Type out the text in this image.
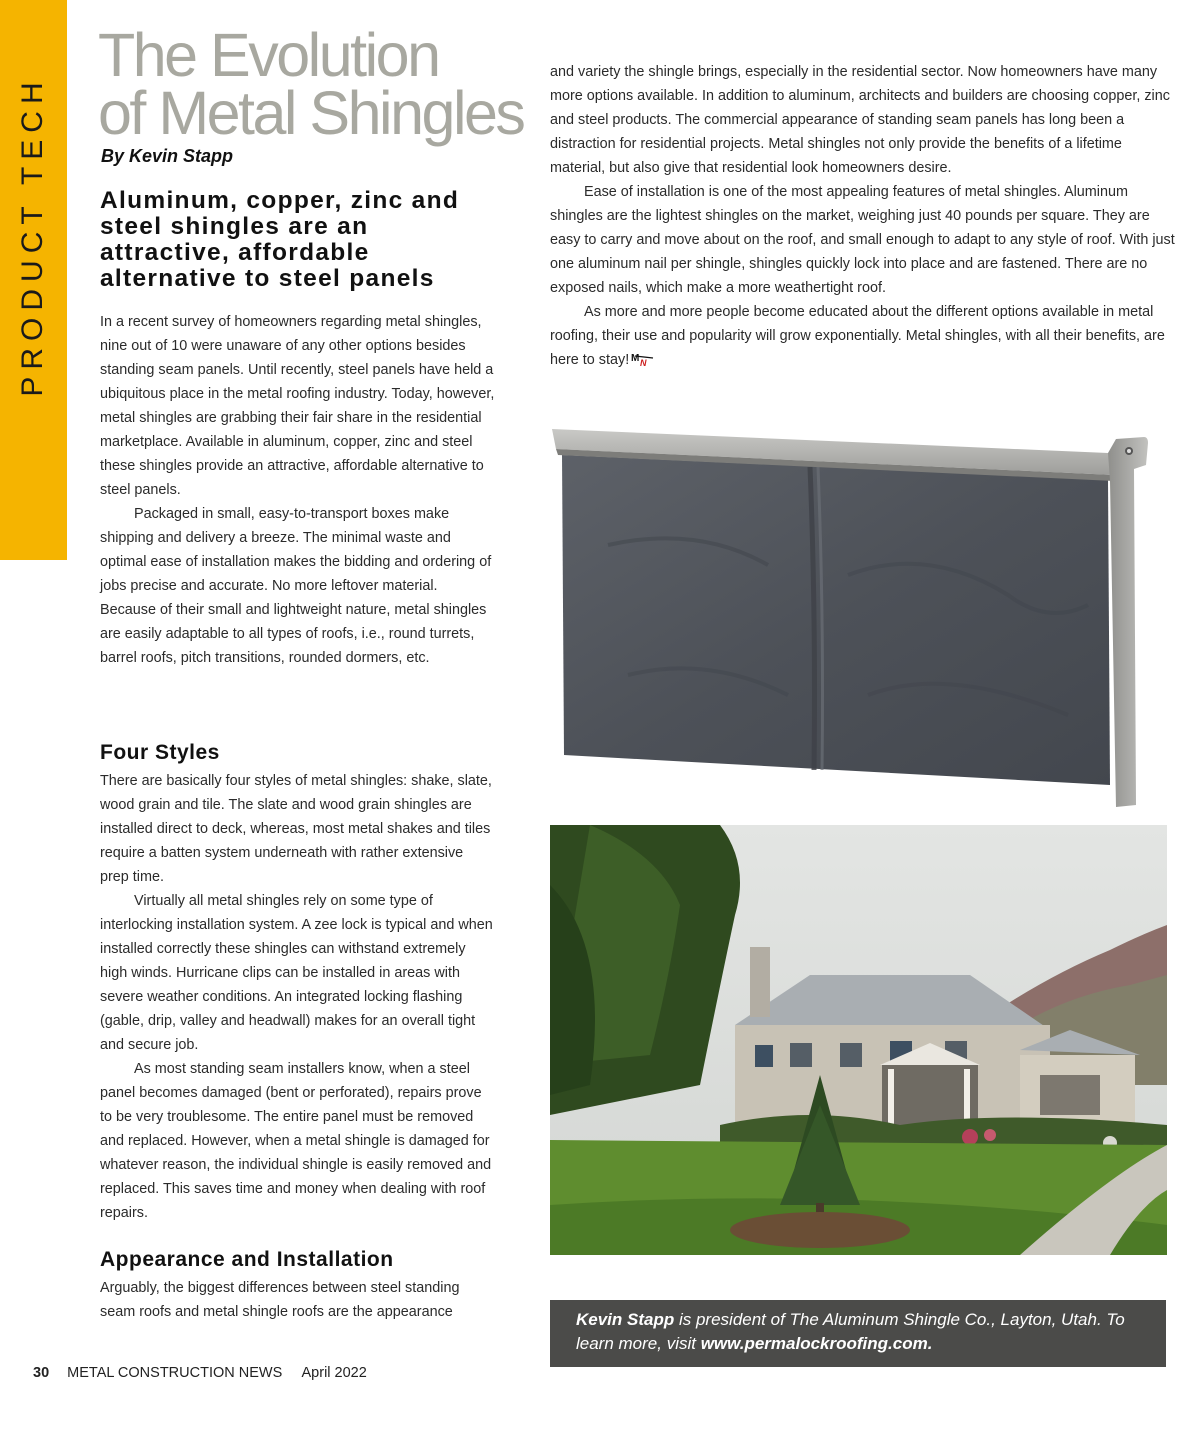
PRODUCT TECH
The Evolution
of Metal Shingles
By Kevin Stapp
Aluminum, copper, zinc and steel shingles are an attractive, affordable alternative to steel panels

In a recent survey of homeowners regarding metal shingles, nine out of 10 were unaware of any other options besides standing seam panels. Until recently, steel panels have held a ubiquitous place in the metal roofing industry. Today, however, metal shingles are grabbing their fair share in the residential marketplace. Available in aluminum, copper, zinc and steel these shingles provide an attractive, affordable alternative to steel panels.

Packaged in small, easy-to-transport boxes make shipping and delivery a breeze. The minimal waste and optimal ease of installation makes the bidding and ordering of jobs precise and accurate. No more leftover material. Because of their small and lightweight nature, metal shingles are easily adaptable to all types of roofs, i.e., round turrets, barrel roofs, pitch transitions, rounded dormers, etc.

Four Styles

There are basically four styles of metal shingles: shake, slate, wood grain and tile. The slate and wood grain shingles are installed direct to deck, whereas, most metal shakes and tiles require a batten system underneath with rather extensive prep time.

Virtually all metal shingles rely on some type of interlocking installation system. A zee lock is typical and when installed correctly these shingles can withstand extremely high winds. Hurricane clips can be installed in areas with severe weather conditions. An integrated locking flashing (gable, drip, valley and headwall) makes for an overall tight and secure job.

As most standing seam installers know, when a steel panel becomes damaged (bent or perforated), repairs prove to be very troublesome. The entire panel must be removed and replaced. However, when a metal shingle is damaged for whatever reason, the individual shingle is easily removed and replaced. This saves time and money when dealing with roof repairs.

Appearance and Installation

Arguably, the biggest differences between steel standing seam roofs and metal shingle roofs are the appearance

and variety the shingle brings, especially in the residential sector. Now homeowners have many more options available. In addition to aluminum, architects and builders are choosing copper, zinc and steel products. The commercial appearance of standing seam panels has long been a distraction for residential projects. Metal shingles not only provide the benefits of a lifetime material, but also give that residential look homeowners desire.

Ease of installation is one of the most appealing features of metal shingles. Aluminum shingles are the lightest shingles on the market, weighing just 40 pounds per square. They are easy to carry and move about on the roof, and small enough to adapt to any style of roof. With just one aluminum nail per shingle, shingles quickly lock into place and are fastened. There are no exposed nails, which make a more weathertight roof.

As more and more people become educated about the different options available in metal roofing, their use and popularity will grow exponentially. Metal shingles, with all their benefits, are here to stay! M N

Kevin Stapp is president of The Aluminum Shingle Co., Layton, Utah. To learn more, visit www.permalockroofing.com.
30 METAL CONSTRUCTION NEWS April 2022
